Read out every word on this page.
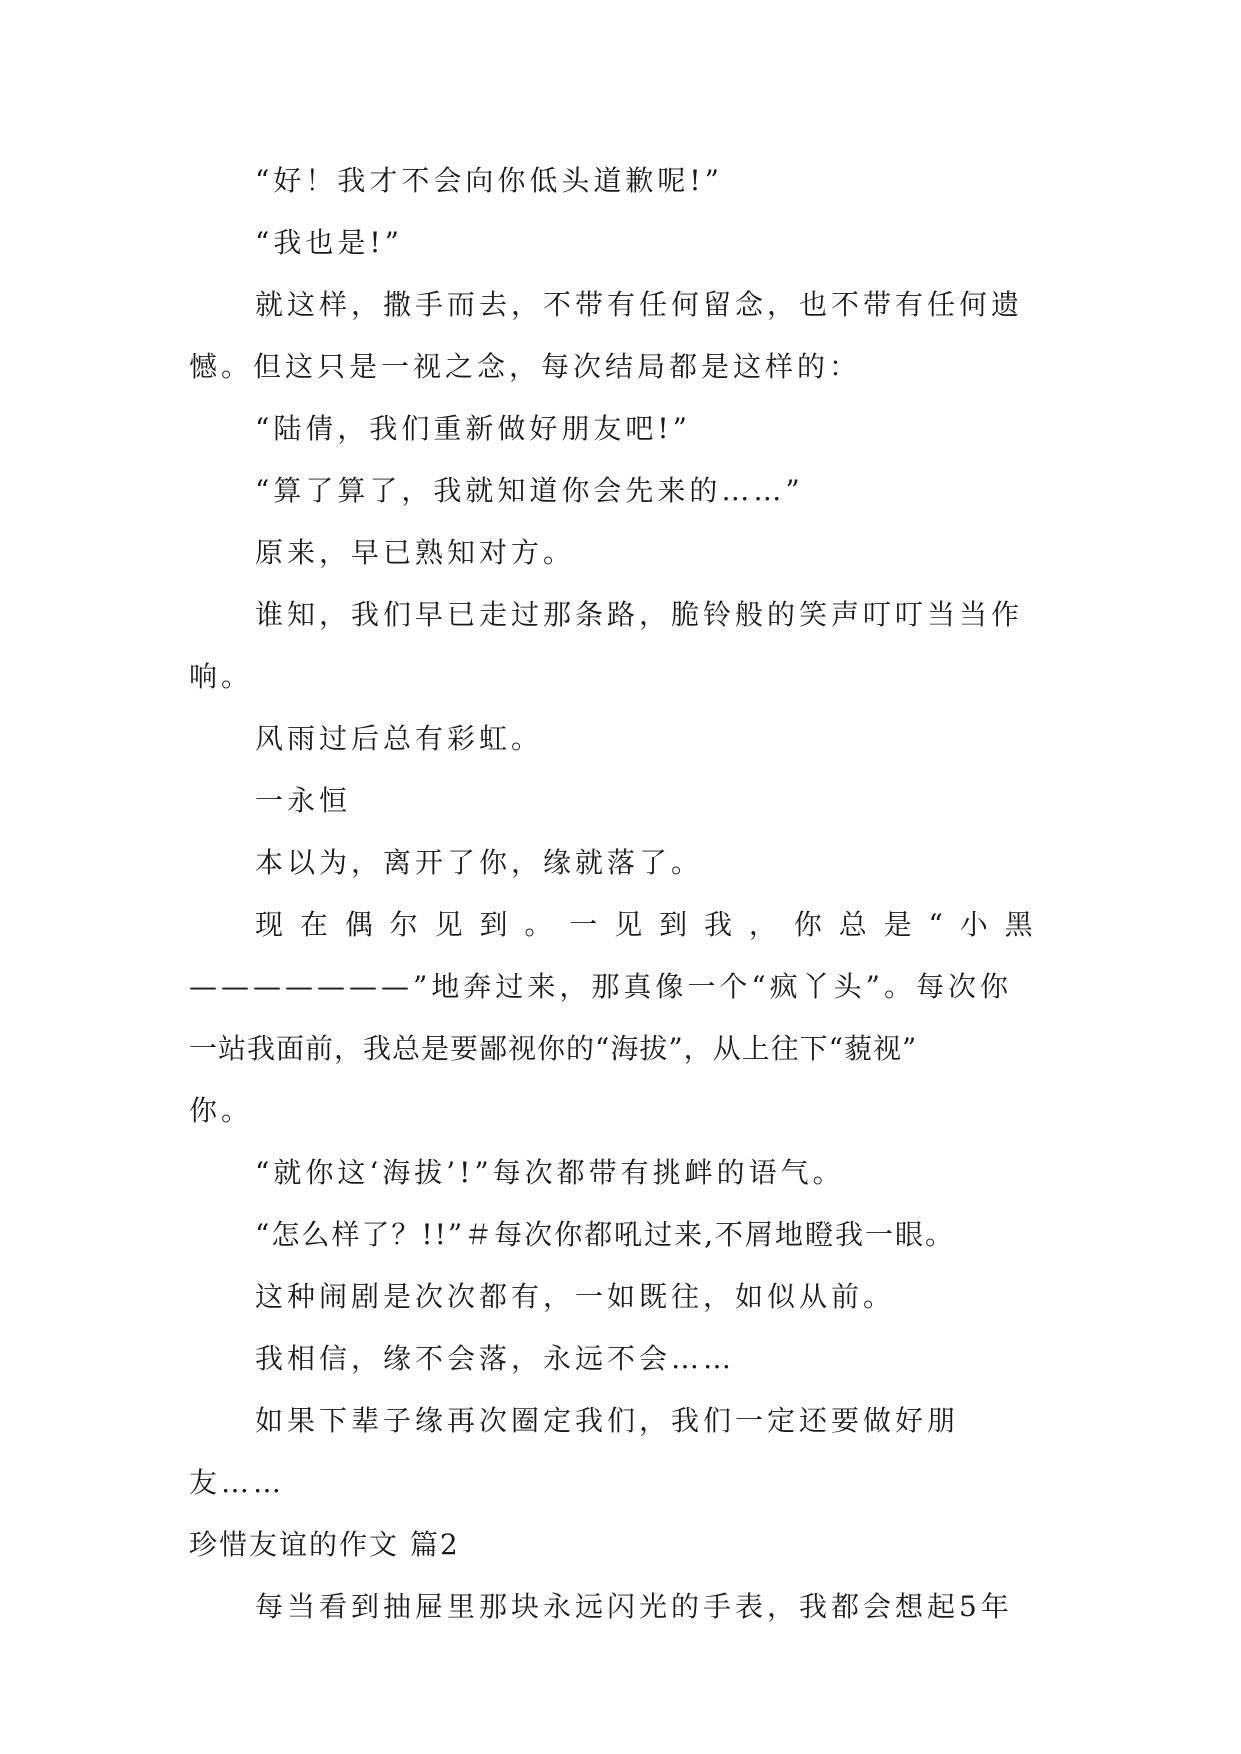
“好！我才不会向你低头道歉呢!”
“我也是!”
就这样，撒手而去，不带有任何留念，也不带有任何遗
憾。但这只是一视之念，每次结局都是这样的：
“陆倩，我们重新做好朋友吧!”
“算了算了，我就知道你会先来的……”
原来，早已熟知对方。
谁知，我们早已走过那条路，脆铃般的笑声叮叮当当作
响。
风雨过后总有彩虹。
一永恒
本以为，离开了你，缘就落了。
现 在 偶 尔 见 到 。 一 见 到 我 ， 你 总 是 “ 小 黑
———————”地奔过来，那真像一个“疯丫头”。每次你
一站我面前，我总是要鄙视你的“海拔”，从上往下“藐视”
你。
“就你这‘海拔’!”每次都带有挑衅的语气。
“怎么样了？!!”＃每次你都吼过来,不屑地瞪我一眼。
这种闹剧是次次都有，一如既往，如似从前。
我相信，缘不会落，永远不会……
如果下辈子缘再次圈定我们，我们一定还要做好朋
友……
珍惜友谊的作文 篇2
每当看到抽屉里那块永远闪光的手表，我都会想起5年
